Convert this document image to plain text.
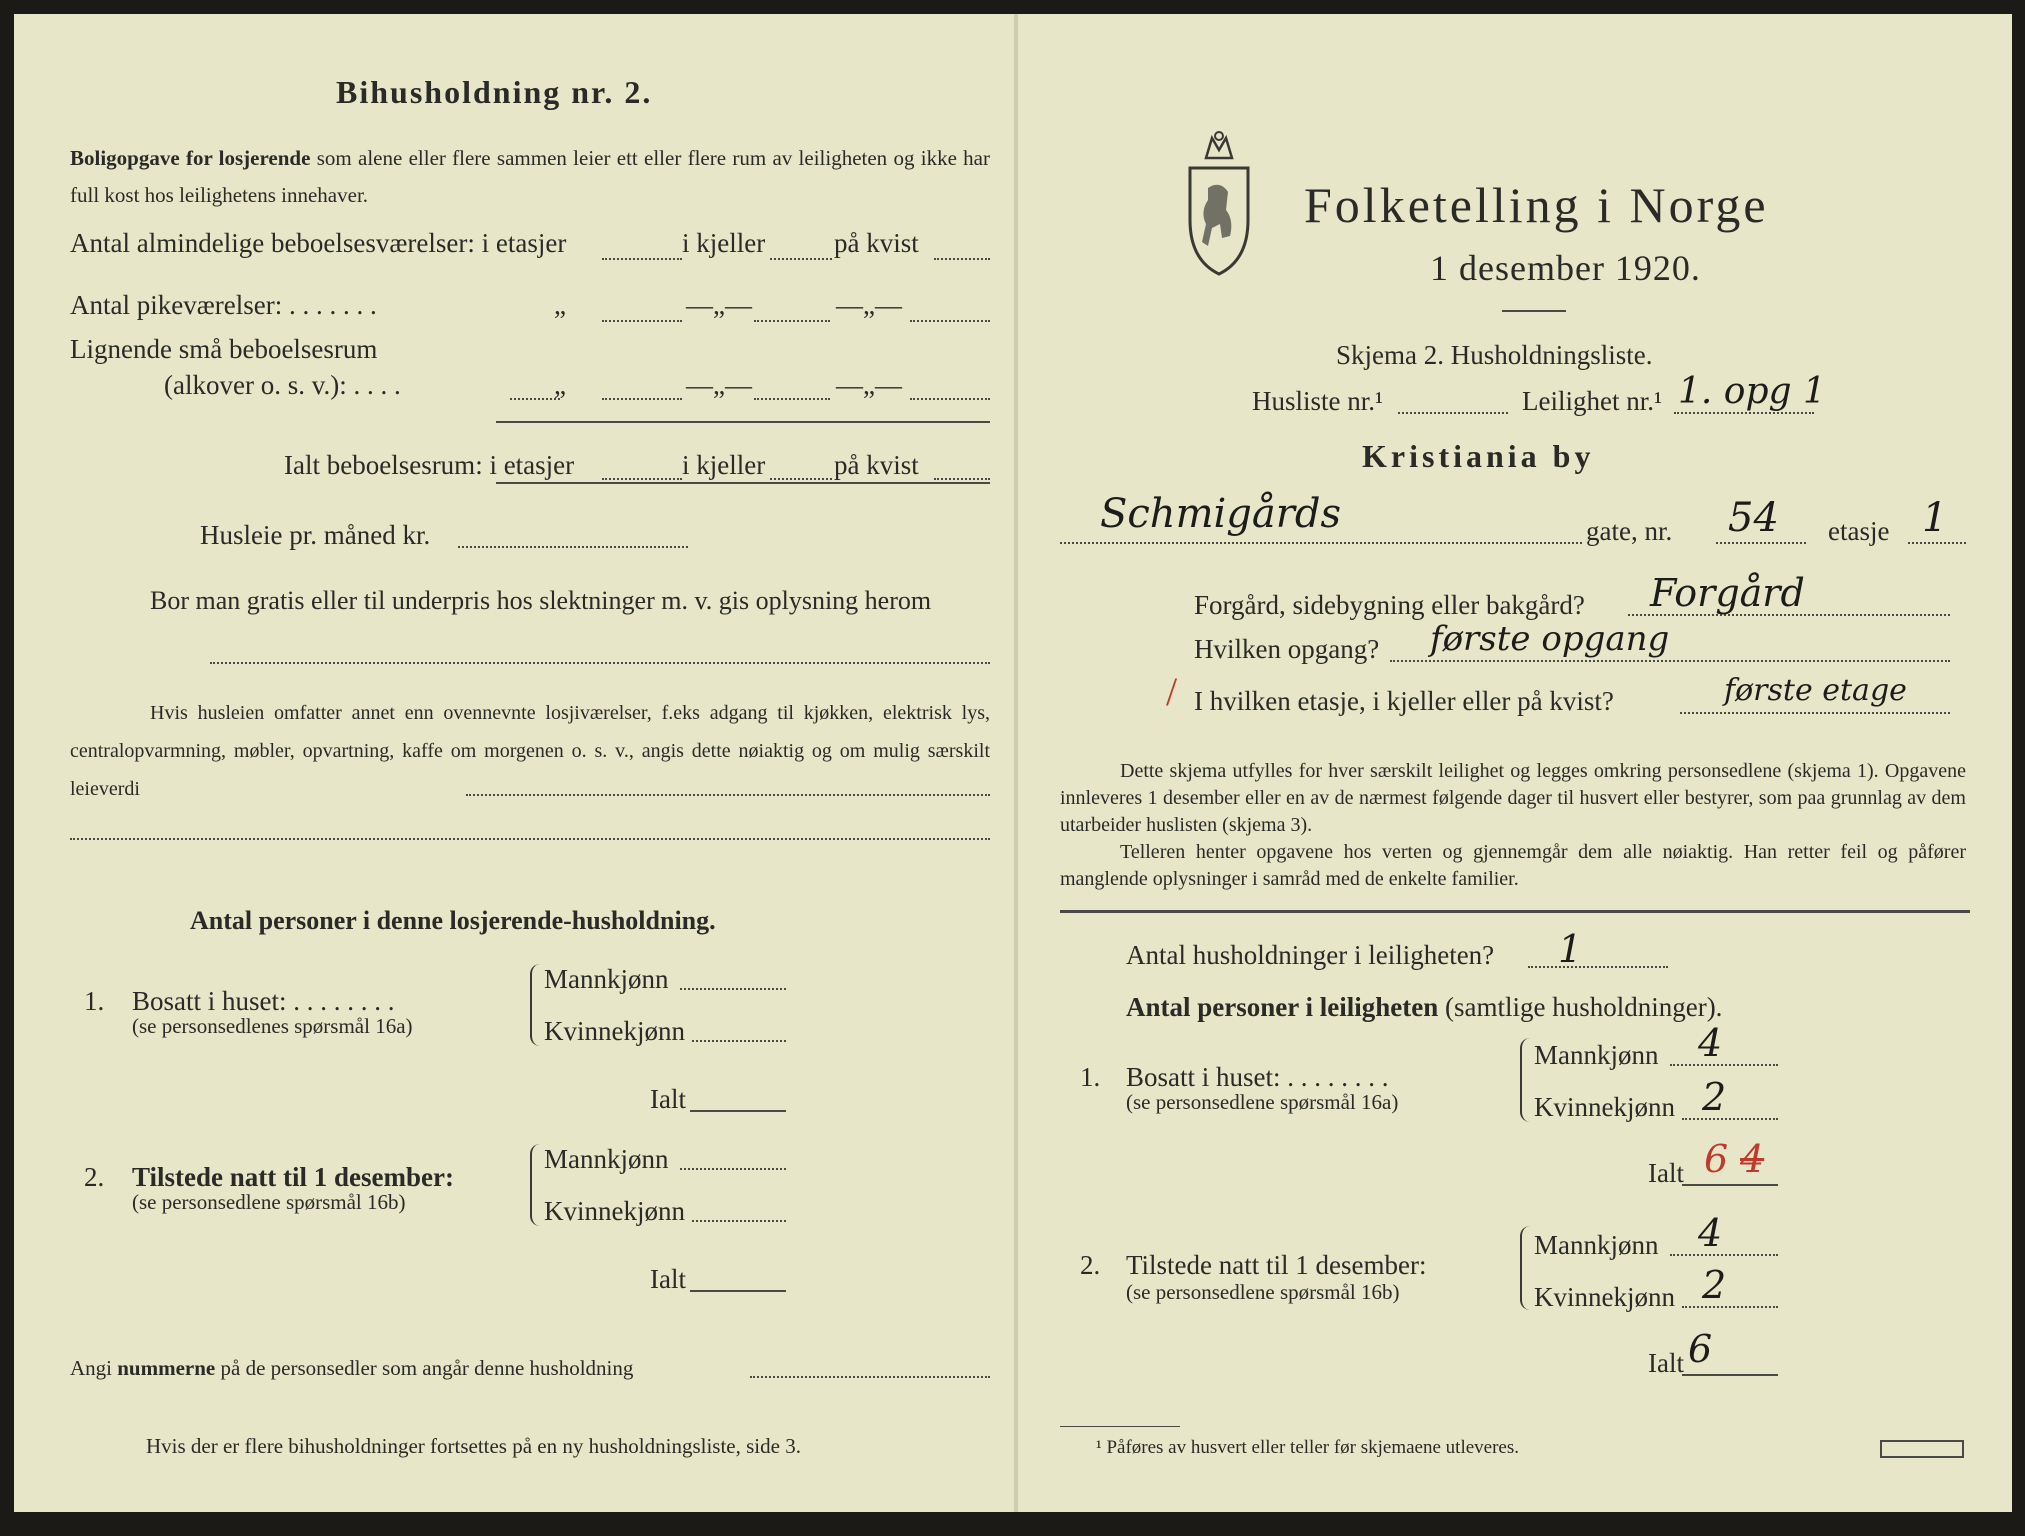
Bihusholdning nr. 2.
Boligopgave for losjerende som alene eller flere sammen leier ett eller flere rum av leiligheten og ikke har full kost hos leilighetens innehaver.
Antal almindelige beboelsesværelser: i etasjer	i kjeller	på kvist
Antal pikeværelser: . . . . . . .	„	—„—	—„—
Lignende små beboelsesrum
(alkover o. s. v.): . . . .	„	—„—	—„—
Ialt beboelsesrum: i etasjer	i kjeller	på kvist
Husleie pr. måned kr.
Bor man gratis eller til underpris hos slektninger m. v. gis oplysning herom
Hvis husleien omfatter annet enn ovennevnte losjiværelser, f.eks adgang til kjøkken, elektrisk lys, centralopvarmning, møbler, opvartning, kaffe om morgenen o. s. v., angis dette nøiaktig og om mulig særskilt leieverdi
Antal personer i denne losjerende-husholdning.
1. Bosatt i huset: . . . . . . . .
(se personsedlenes spørsmål 16a)
Mannkjønn
Kvinnekjønn
Ialt
2. Tilstede natt til 1 desember:
(se personsedlene spørsmål 16b)
Mannkjønn
Kvinnekjønn
Ialt
Angi nummerne på de personsedler som angår denne husholdning
Hvis der er flere bihusholdninger fortsettes på en ny husholdningsliste, side 3.
Folketelling i Norge
1 desember 1920.
Skjema 2. Husholdningsliste.
Husliste nr.¹	Leilighet nr.¹ 1. opg 1
Kristiania by
Schmigårds	gate, nr. 54 etasje 1
Forgård, sidebygning eller bakgård? Forgård
Hvilken opgang? første opgang
/ I hvilken etasje, i kjeller eller på kvist?	første etage
Dette skjema utfylles for hver særskilt leilighet og legges omkring personsedlene (skjema 1). Opgavene innleveres 1 desember eller en av de nærmest følgende dager til husvert eller bestyrer, som paa grunnlag av dem utarbeider huslisten (skjema 3).
Telleren henter opgavene hos verten og gjennemgår dem alle nøiaktig. Han retter feil og påfører manglende oplysninger i samråd med de enkelte familier.
Antal husholdninger i leiligheten? 1
Antal personer i leiligheten (samtlige husholdninger).
1. Bosatt i huset: . . . . . . . .
(se personsedlene spørsmål 16a)
Mannkjønn 4
Kvinnekjønn 2
Ialt 6 4
2. Tilstede natt til 1 desember:
(se personsedlene spørsmål 16b)
Mannkjønn 4
Kvinnekjønn 2
Ialt 6
¹ Påføres av husvert eller teller før skjemaene utleveres.
